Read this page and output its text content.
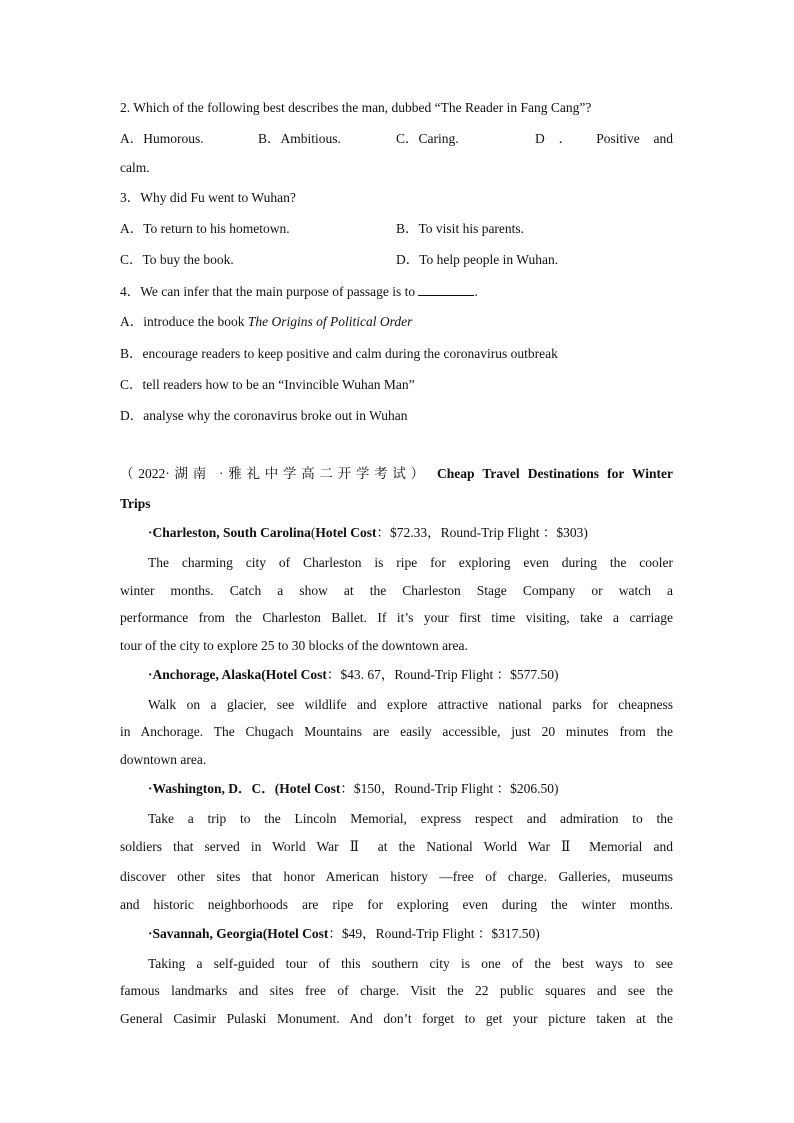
2. Which of the following best describes the man, dubbed “The Reader in Fang Cang”?
A．Humorous.	B．Ambitious.	C．Caring.	D ． Positive and
calm.
3．Why did Fu went to Wuhan?
A．To return to his hometown.	B．To visit his parents.
C．To buy the book.	D．To help people in Wuhan.
4．We can infer that the main purpose of passage is to	.
A．introduce the book The Origins of Political Order
B．encourage readers to keep positive and calm during the coronavirus outbreak
C．tell readers how to be an “Invincible Wuhan Man”
D．analyse why the coronavirus broke out in Wuhan
（2022·湖南 ·雅礼中学高二开学考试） Cheap Travel Destinations for Winter
Trips
·Charleston, South Carolina(Hotel Cost：$72.33，Round-Trip Flight ：$303)
The charming city of Charleston is ripe for exploring even during the cooler
winter months. Catch a show at the Charleston Stage Company or watch a
performance from the Charleston Ballet. If it’s your first time visiting, take a carriage
tour of the city to explore 25 to 30 blocks of the downtown area.
·Anchorage, Alaska(Hotel Cost：$43. 67，Round-Trip Flight ：$577.50)
Walk on a glacier, see wildlife and explore attractive national parks for cheapness
in Anchorage. The Chugach Mountains are easily accessible, just 20 minutes from the
downtown area.
·Washington, D．C．(Hotel Cost：$150，Round-Trip Flight ：$206.50)
Take a trip to the Lincoln Memorial, express respect and admiration to the
soldiers that served in World War Ⅱ at the National World War Ⅱ Memorial and
discover other sites that honor American history —free of charge. Galleries, museums
and historic neighborhoods are ripe for exploring even during the winter months.
·Savannah, Georgia(Hotel Cost：$49，Round-Trip Flight ：$317.50)
Taking a self-guided tour of this southern city is one of the best ways to see
famous landmarks and sites free of charge. Visit the 22 public squares and see the
General Casimir Pulaski Monument. And don’t forget to get your picture taken at the
